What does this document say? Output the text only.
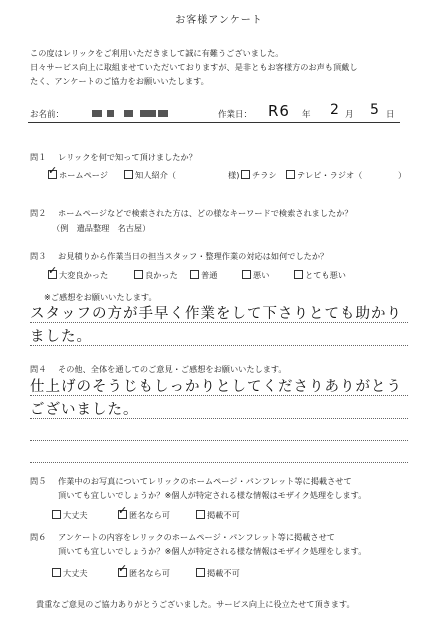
お客様アンケート
この度はレリックをご利用いただきまして誠に有難うございました。
日々サービス向上に取組ませていただいておりますが、是非ともお客様方のお声も頂戴し
たく、アンケートのご協力をお願いいたします。
お名前：	作業日： R6 年 2 月 5 日
問１ レリックを何で知って頂けましたか？
✓ ホームページ	知人紹介（	様)	チラシ	テレビ・ラジオ（	）
問２ ホームページなどで検索された方は、どの様なキーワードで検索されましたか？
（例　遺品整理　名古屋）
問３ お見積りから作業当日の担当スタッフ・整理作業の対応は如何でしたか？
✓ 大変良かった	良かった	普通	悪い	とても悪い
※ご感想をお願いいたします。
スタッフの方が手早く作業をして下さりとても助かり
ました。
問４ その他、全体を通してのご意見・ご感想をお願いいたします。
仕上げのそうじもしっかりとしてくださりありがとう
ございました。
問５ 作業中のお写真についてレリックのホームページ・パンフレット等に掲載させて
頂いても宜しいでしょうか？※個人が特定される様な情報はモザイク処理をします。
大丈夫	✓ 匿名なら可	掲載不可
問６ アンケートの内容をレリックのホームページ・パンフレット等に掲載させて
頂いても宜しいでしょうか？※個人が特定される様な情報はモザイク処理をします。
大丈夫	✓ 匿名なら可	掲載不可
貴重なご意見のご協力ありがとうございました。サービス向上に役立たせて頂きます。
